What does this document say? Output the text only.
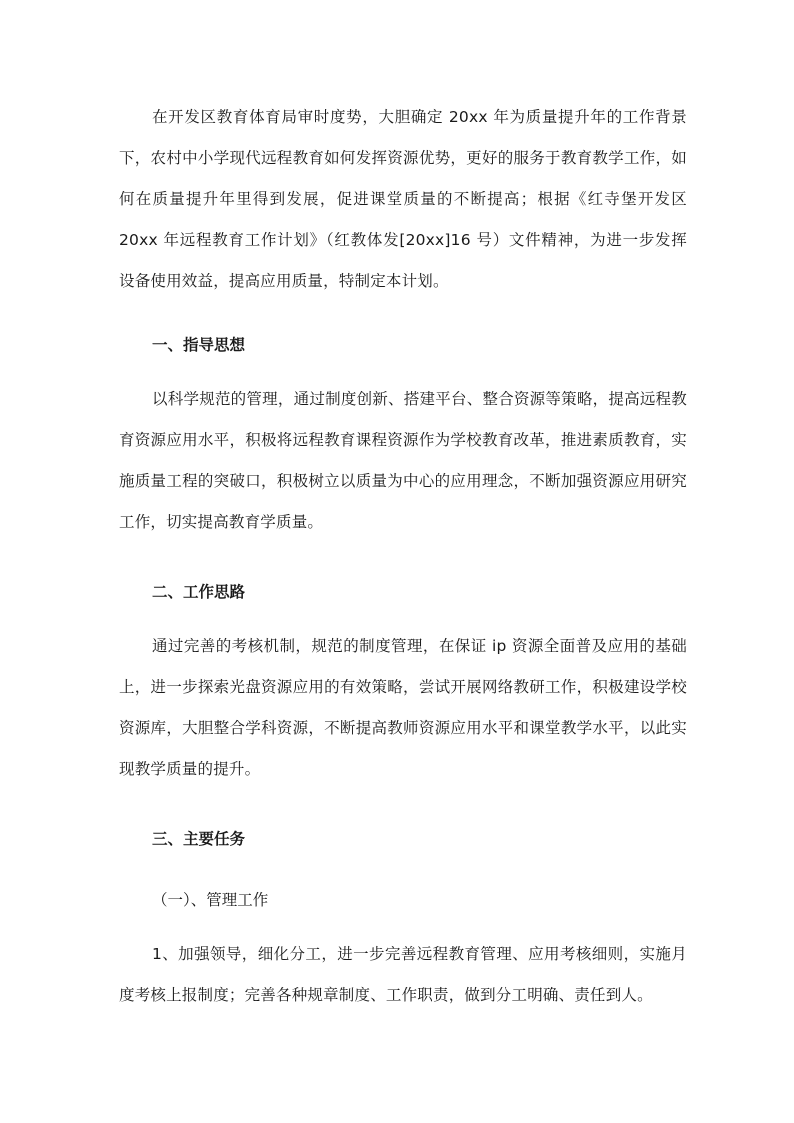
在开发区教育体育局审时度势，大胆确定 20xx 年为质量提升年的工作背景下，农村中小学现代远程教育如何发挥资源优势，更好的服务于教育教学工作，如何在质量提升年里得到发展，促进课堂质量的不断提高；根据《红寺堡开发区 20xx 年远程教育工作计划》（红教体发[20xx]16 号）文件精神，为进一步发挥设备使用效益，提高应用质量，特制定本计划。

一、指导思想

以科学规范的管理，通过制度创新、搭建平台、整合资源等策略，提高远程教育资源应用水平，积极将远程教育课程资源作为学校教育改革，推进素质教育，实施质量工程的突破口，积极树立以质量为中心的应用理念，不断加强资源应用研究工作，切实提高教育学质量。

二、工作思路

通过完善的考核机制，规范的制度管理，在保证 ip 资源全面普及应用的基础上，进一步探索光盘资源应用的有效策略，尝试开展网络教研工作，积极建设学校资源库，大胆整合学科资源，不断提高教师资源应用水平和课堂教学水平，以此实现教学质量的提升。

三、主要任务

（一）、管理工作

1、加强领导，细化分工，进一步完善远程教育管理、应用考核细则，实施月度考核上报制度；完善各种规章制度、工作职责，做到分工明确、责任到人。
